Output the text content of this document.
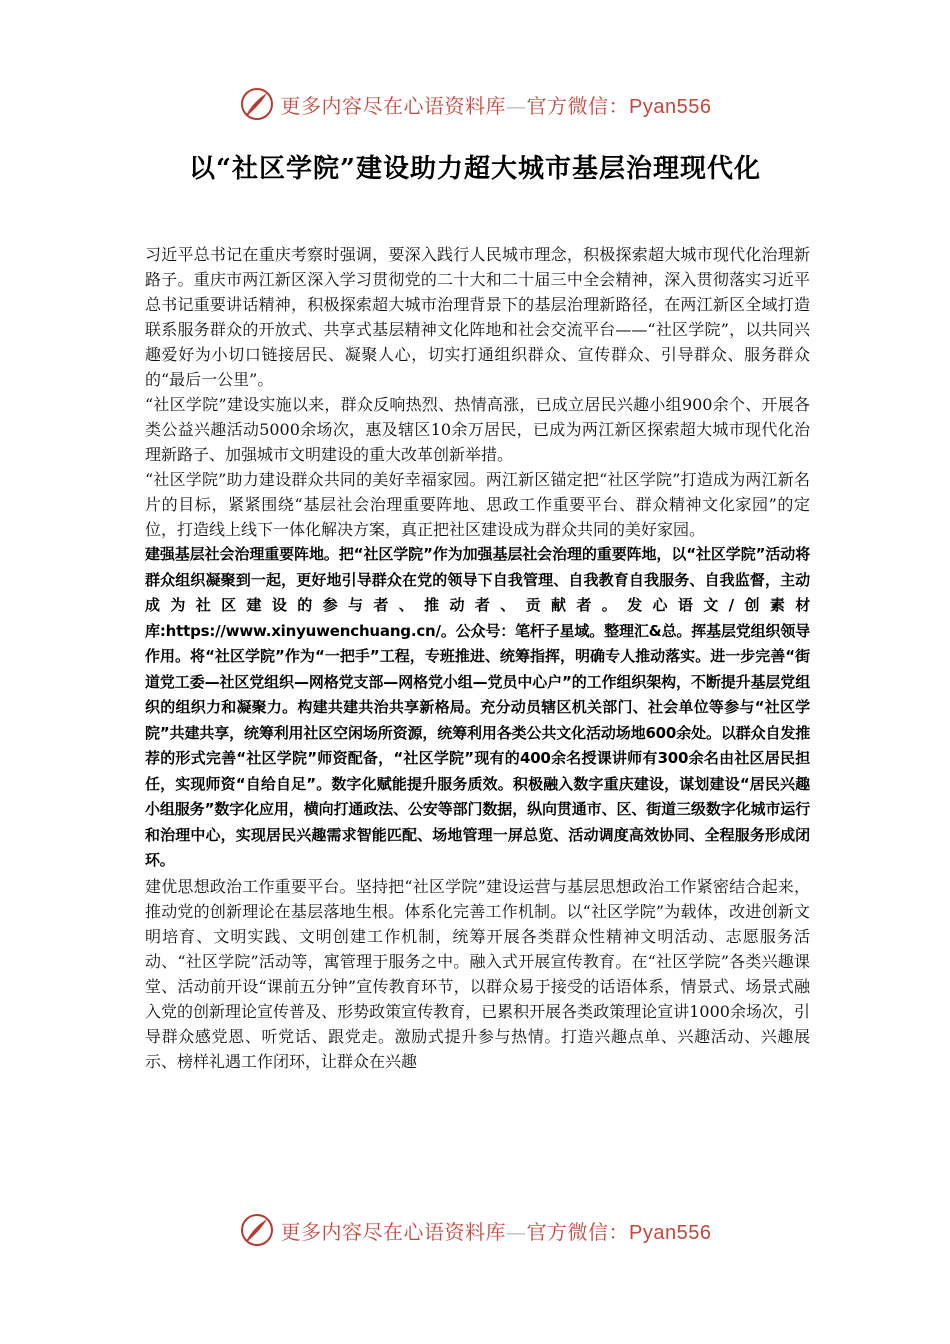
更多内容尽在心语资料库—官方微信：Pyan556
以“社区学院”建设助力超大城市基层治理现代化

习近平总书记在重庆考察时强调，要深入践行人民城市理念，积极探索超大城市现代化治理新路子。重庆市两江新区深入学习贯彻党的二十大和二十届三中全会精神，深入贯彻落实习近平总书记重要讲话精神，积极探索超大城市治理背景下的基层治理新路径，在两江新区全域打造联系服务群众的开放式、共享式基层精神文化阵地和社会交流平台——“社区学院”，以共同兴趣爱好为小切口链接居民、凝聚人心，切实打通组织群众、宣传群众、引导群众、服务群众的“最后一公里”。

“社区学院”建设实施以来，群众反响热烈、热情高涨，已成立居民兴趣小组900余个、开展各类公益兴趣活动5000余场次，惠及辖区10余万居民，已成为两江新区探索超大城市现代化治理新路子、加强城市文明建设的重大改革创新举措。

“社区学院”助力建设群众共同的美好幸福家园。两江新区锚定把“社区学院”打造成为两江新名片的目标，紧紧围绕“基层社会治理重要阵地、思政工作重要平台、群众精神文化家园”的定位，打造线上线下一体化解决方案，真正把社区建设成为群众共同的美好家园。

建强基层社会治理重要阵地。把“社区学院”作为加强基层社会治理的重要阵地，以“社区学院”活动将群众组织凝聚到一起，更好地引导群众在党的领导下自我管理、自我教育自我服务、自我监督，主动成为社区建设的参与者、推动者、贡献者。发心语文/创素材库:https://www.xinyuwenchuang.cn/。公众号：笔杆子星域。整理汇&总。挥基层党组织领导作用。将“社区学院”作为“一把手”工程，专班推进、统筹指挥，明确专人推动落实。进一步完善“街道党工委—社区党组织—网格党支部—网格党小组—党员中心户”的工作组织架构，不断提升基层党组织的组织力和凝聚力。构建共建共治共享新格局。充分动员辖区机关部门、社会单位等参与“社区学院”共建共享，统筹利用社区空闲场所资源，统筹利用各类公共文化活动场地600余处。以群众自发推荐的形式完善“社区学院”师资配备，“社区学院”现有的400余名授课讲师有300余名由社区居民担任，实现师资“自给自足”。数字化赋能提升服务质效。积极融入数字重庆建设，谋划建设“居民兴趣小组服务”数字化应用，横向打通政法、公安等部门数据，纵向贯通市、区、街道三级数字化城市运行和治理中心，实现居民兴趣需求智能匹配、场地管理一屏总览、活动调度高效协同、全程服务形成闭环。

建优思想政治工作重要平台。坚持把“社区学院”建设运营与基层思想政治工作紧密结合起来，推动党的创新理论在基层落地生根。体系化完善工作机制。以“社区学院”为载体，改进创新文明培育、文明实践、文明创建工作机制，统筹开展各类群众性精神文明活动、志愿服务活动、“社区学院”活动等，寓管理于服务之中。融入式开展宣传教育。在“社区学院”各类兴趣课堂、活动前开设“课前五分钟”宣传教育环节，以群众易于接受的话语体系，情景式、场景式融入党的创新理论宣传普及、形势政策宣传教育，已累积开展各类政策理论宣讲1000余场次，引导群众感党恩、听党话、跟党走。激励式提升参与热情。打造兴趣点单、兴趣活动、兴趣展示、榜样礼遇工作闭环，让群众在兴趣

更多内容尽在心语资料库—官方微信：Pyan556
